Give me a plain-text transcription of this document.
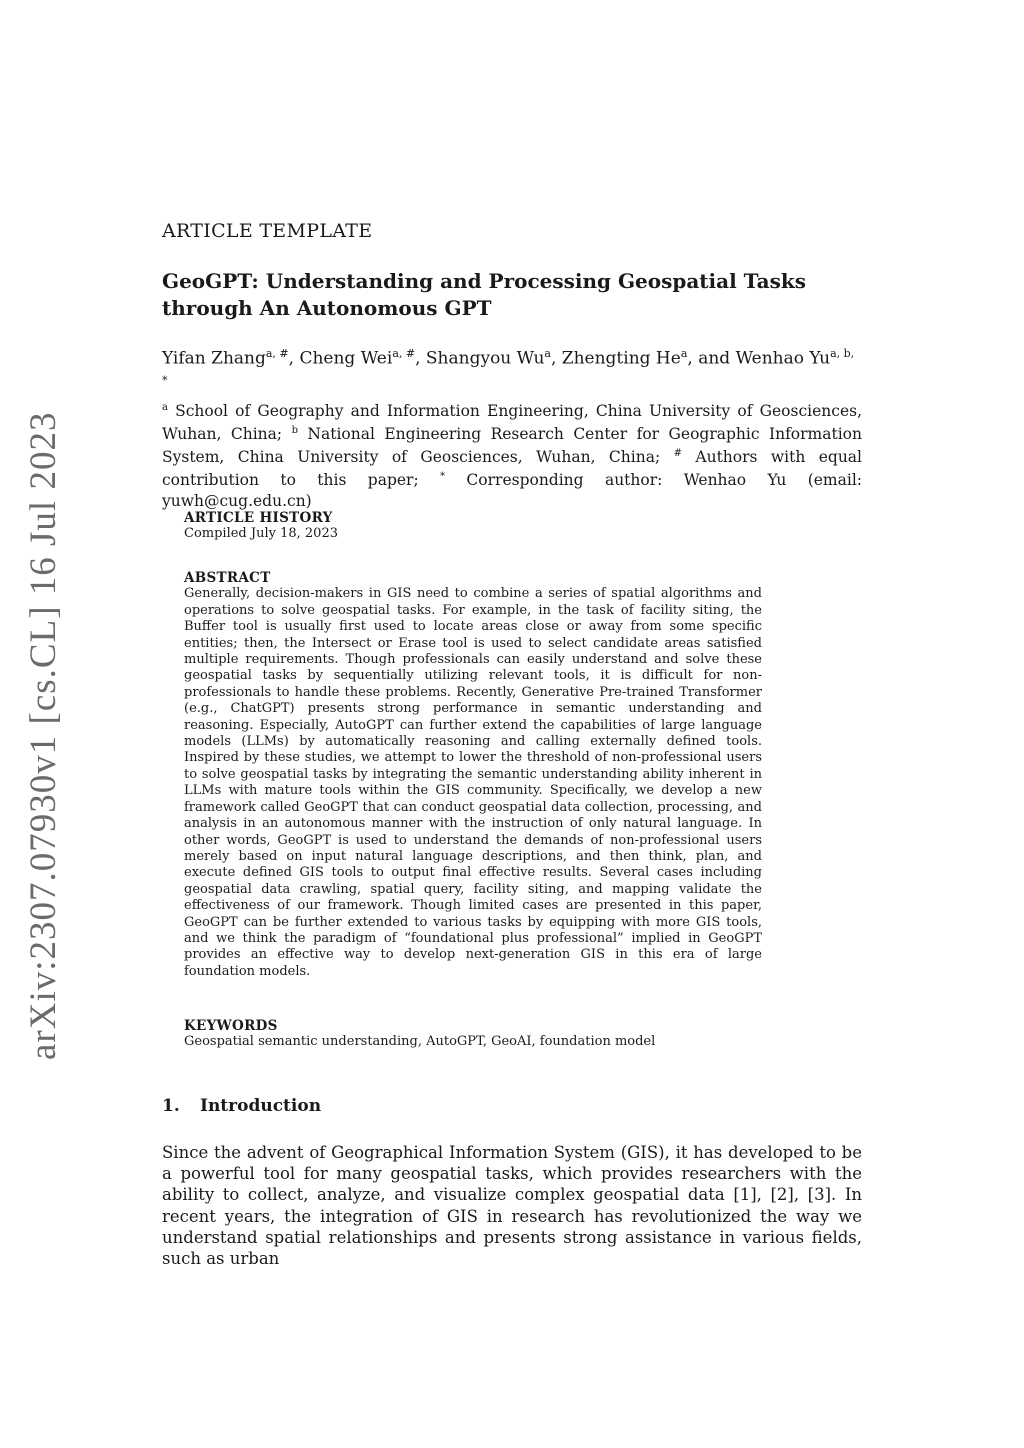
arXiv:2307.07930v1 [cs.CL] 16 Jul 2023
ARTICLE TEMPLATE
GeoGPT: Understanding and Processing Geospatial Tasks through An Autonomous GPT
Yifan Zhang$^{a, \#}$, Cheng Wei$^{a, \#}$, Shangyou Wu$^a$, Zhengting He$^a$, and Wenhao $Yu^{a, b, *}$
$^a$ School of Geography and Information Engineering, China University of Geosciences, Wuhan, China; $^b$ National Engineering Research Center for Geographic Information System, China University of Geosciences, Wuhan, China; # Authors with equal contribution to this paper; * Corresponding author: Wenhao Yu (email: yuwh@cug.edu.cn)
ARTICLE HISTORY
Compiled July 18, 2023
ABSTRACT
Generally, decision-makers in GIS need to combine a series of spatial algorithms and operations to solve geospatial tasks. For example, in the task of facility siting, the Buffer tool is usually first used to locate areas close or away from some specific entities; then, the Intersect or Erase tool is used to select candidate areas satisfied multiple requirements. Though professionals can easily understand and solve these geospatial tasks by sequentially utilizing relevant tools, it is difficult for non-professionals to handle these problems. Recently, Generative Pre-trained Transformer (e.g., ChatGPT) presents strong performance in semantic understanding and reasoning. Especially, AutoGPT can further extend the capabilities of large language models (LLMs) by automatically reasoning and calling externally defined tools. Inspired by these studies, we attempt to lower the threshold of non-professional users to solve geospatial tasks by integrating the semantic understanding ability inherent in LLMs with mature tools within the GIS community. Specifically, we develop a new framework called GeoGPT that can conduct geospatial data collection, processing, and analysis in an autonomous manner with the instruction of only natural language. In other words, GeoGPT is used to understand the demands of non-professional users merely based on input natural language descriptions, and then think, plan, and execute defined GIS tools to output final effective results. Several cases including geospatial data crawling, spatial query, facility siting, and mapping validate the effectiveness of our framework. Though limited cases are presented in this paper, GeoGPT can be further extended to various tasks by equipping with more GIS tools, and we think the paradigm of “foundational plus professional” implied in GeoGPT provides an effective way to develop next-generation GIS in this era of large foundation models.
KEYWORDS
Geospatial semantic understanding, AutoGPT, GeoAI, foundation model
1. Introduction
Since the advent of Geographical Information System (GIS), it has developed to be a powerful tool for many geospatial tasks, which provides researchers with the ability to collect, analyze, and visualize complex geospatial data [1], [2], [3]. In recent years, the integration of GIS in research has revolutionized the way we understand spatial relationships and presents strong assistance in various fields, such as urban
